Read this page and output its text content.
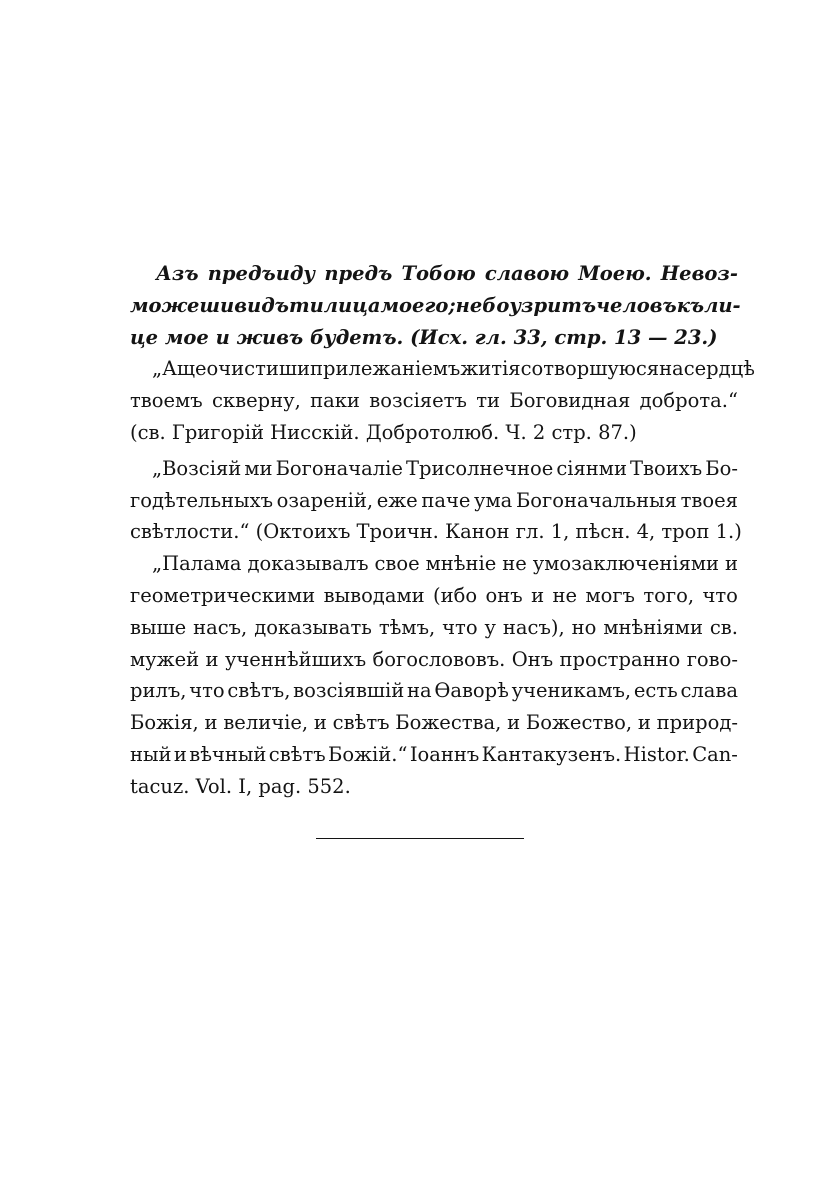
Азъ предъиду предъ Тобою славою Моею. Невоз-
можеши видъти лица моего; не бо узритъ человъкъ ли-
це мое и живъ будетъ. (Исх. гл. 33, стр. 13 — 23.)
„Аще очистиши прилежаніемъ житія сотворшуюся на сердцѣ
твоемъ скверну, паки возсіяетъ ти Боговидная доброта.“
(св. Григорій Нисскій. Добротолюб. Ч. 2 стр. 87.)
„Возсіяй ми Богоначаліе Трисолнечное сіянми Твоихъ Бо-
годѣтельныхъ озареній, еже паче ума Богоначальныя твоея
свѣтлости.“ (Октоихъ Троичн. Канон гл. 1, пѣсн. 4, троп 1.)
„Палама доказывалъ свое мнѣніе не умозаключеніями и
геометрическими выводами (ибо онъ и не могъ того, что
выше насъ, доказывать тѣмъ, что у насъ), но мнѣніями св.
мужей и ученнѣйшихъ богослововъ. Онъ пространно гово-
рилъ, что свѣтъ, возсіявшій на Ѳаворѣ ученикамъ, есть слава
Божія, и величіе, и свѣтъ Божества, и Божество, и природ-
ный и вѣчный свѣтъ Божій.“ Іоаннъ Кантакузенъ. Histor. Can-
tacuz. Vol. I, pag. 552.
